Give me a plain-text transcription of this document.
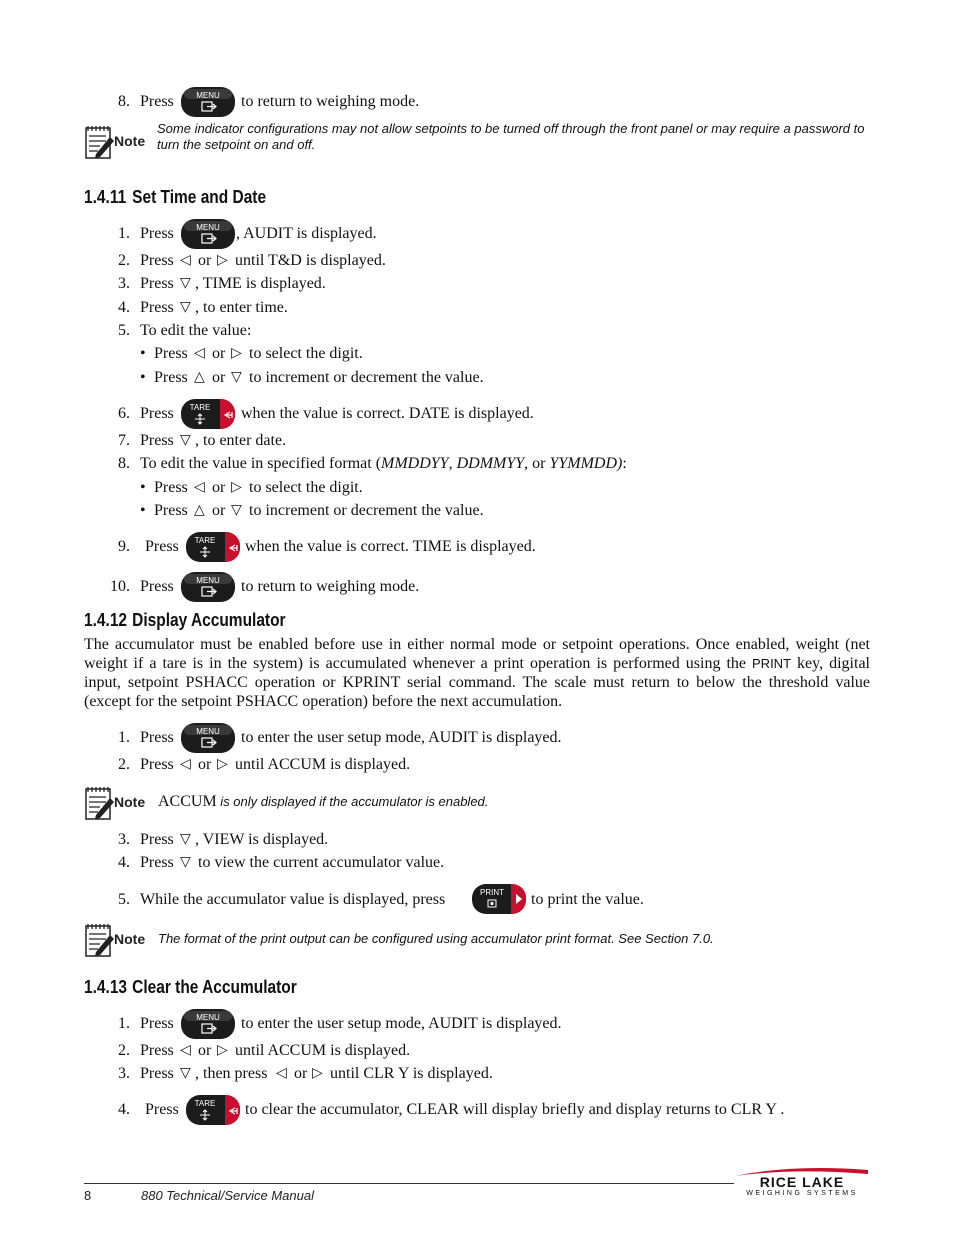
8. Press	to return to weighing mode.
Some indicator configurations may not allow setpoints to be turned off through the front panel or may require a password to turn the setpoint on and off.
1.4.11 Set Time and Date
1. Press	, AUDIT is displayed.
2. Press ◁ or ▷ until T&D is displayed.
3. Press ▽ , TIME is displayed.
4. Press ▽ , to enter time.
5. To edit the value:
• Press ◁ or ▷ to select the digit.
• Press △ or ▽ to increment or decrement the value.
6. Press	when the value is correct. DATE is displayed.
7. Press ▽ , to enter date.
8. To edit the value in specified format (MMDDYY, DDMMYY, or YYMMDD):
• Press ◁ or ▷ to select the digit.
• Press △ or ▽ to increment or decrement the value.
9. Press	when the value is correct. TIME is displayed.
10. Press	to return to weighing mode.
1.4.12 Display Accumulator
The accumulator must be enabled before use in either normal mode or setpoint operations. Once enabled, weight (net weight if a tare is in the system) is accumulated whenever a print operation is performed using the PRINT key, digital input, setpoint PSHACC operation or KPRINT serial command. The scale must return to below the threshold value (except for the setpoint PSHACC operation) before the next accumulation.
1. Press	to enter the user setup mode, AUDIT is displayed.
2. Press ◁ or ▷ until ACCUM is displayed.
ACCUM is only displayed if the accumulator is enabled.
3. Press ▽ , VIEW is displayed.
4. Press ▽ to view the current accumulator value.
5. While the accumulator value is displayed, press	to print the value.
The format of the print output can be configured using accumulator print format. See Section 7.0.
1.4.13 Clear the Accumulator
1. Press	to enter the user setup mode, AUDIT is displayed.
2. Press ◁ or ▷ until ACCUM is displayed.
3. Press ▽ , then press ◁ or ▷ until CLR Y is displayed.
4. Press	to clear the accumulator, CLEAR will display briefly and display returns to CLR Y .
8	880 Technical/Service Manual
RICE LAKE
WEIGHING SYSTEMS
